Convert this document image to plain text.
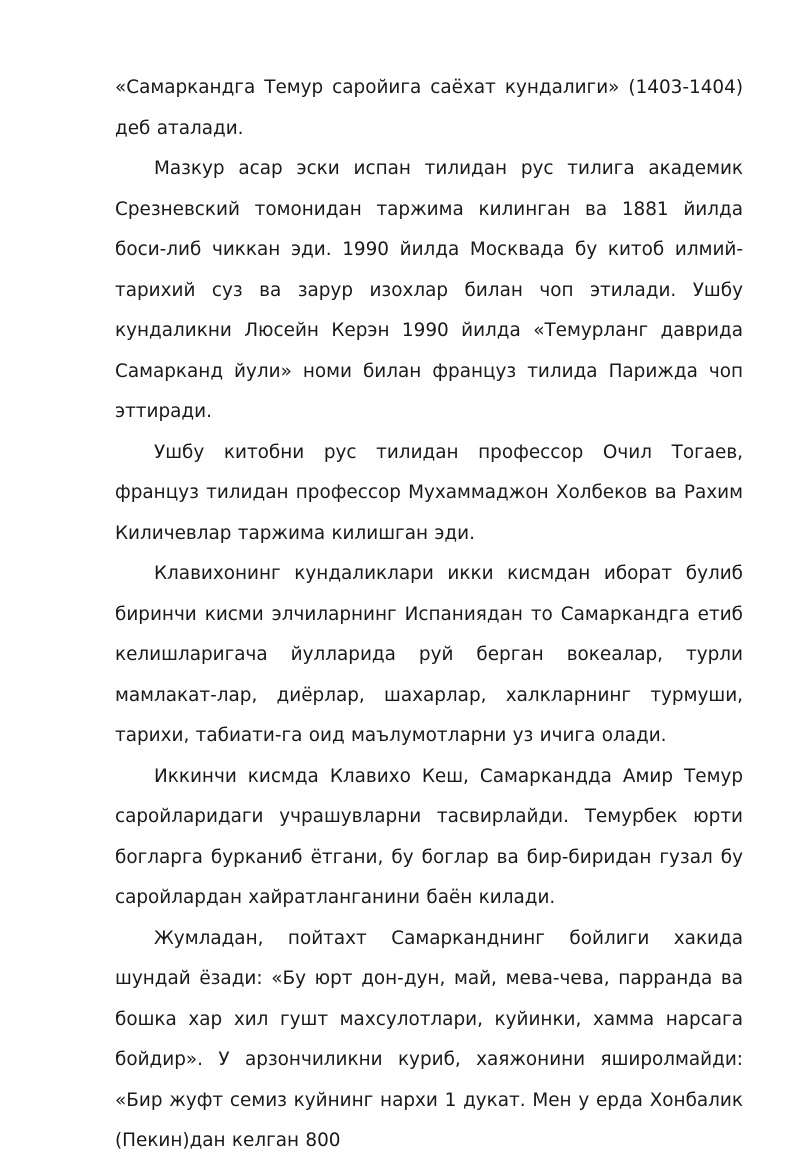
«Самаркандга Темур саройига саёхат кундалиги» (1403-1404) деб аталади.

Мазкур асар эски испан тилидан рус тилига академик Срезневский томонидан таржима килинган ва 1881 йилда боси-либ чиккан эди. 1990 йилда Москвада бу китоб илмий-тарихий суз ва зарур изохлар билан чоп этилади. Ушбу кундаликни Люсейн Керэн 1990 йилда «Темурланг даврида Самарканд йули» номи билан француз тилида Парижда чоп эттиради.

Ушбу китобни рус тилидан профессор Очил Тогаев, француз тилидан профессор Мухаммаджон Холбеков ва Рахим Киличевлар таржима килишган эди.

Клавихонинг кундаликлари икки кисмдан иборат булиб биринчи кисми элчиларнинг Испаниядан то Самаркандга етиб келишларигача йулларида руй берган вокеалар, турли мамлакат-лар, диёрлар, шахарлар, халкларнинг турмуши, тарихи, табиати-га оид маълумотларни уз ичига олади.

Иккинчи кисмда Клавихо Кеш, Самаркандда Амир Темур саройларидаги учрашувларни тасвирлайди. Темурбек юрти богларга бурканиб ётгани, бу боглар ва бир-биридан гузал бу саройлардан хайратланганини баён килади.

Жумладан, пойтахт Самарканднинг бойлиги хакида шундай ёзади: «Бу юрт дон-дун, май, мева-чева, парранда ва бошка хар хил гушт махсулотлари, куйинки, хамма нарсага бойдир». У арзончиликни куриб, хаяжонини яширолмайди: «Бир жуфт семиз куйнинг нархи 1 дукат. Мен у ерда Хонбалик (Пекин)дан келган 800
